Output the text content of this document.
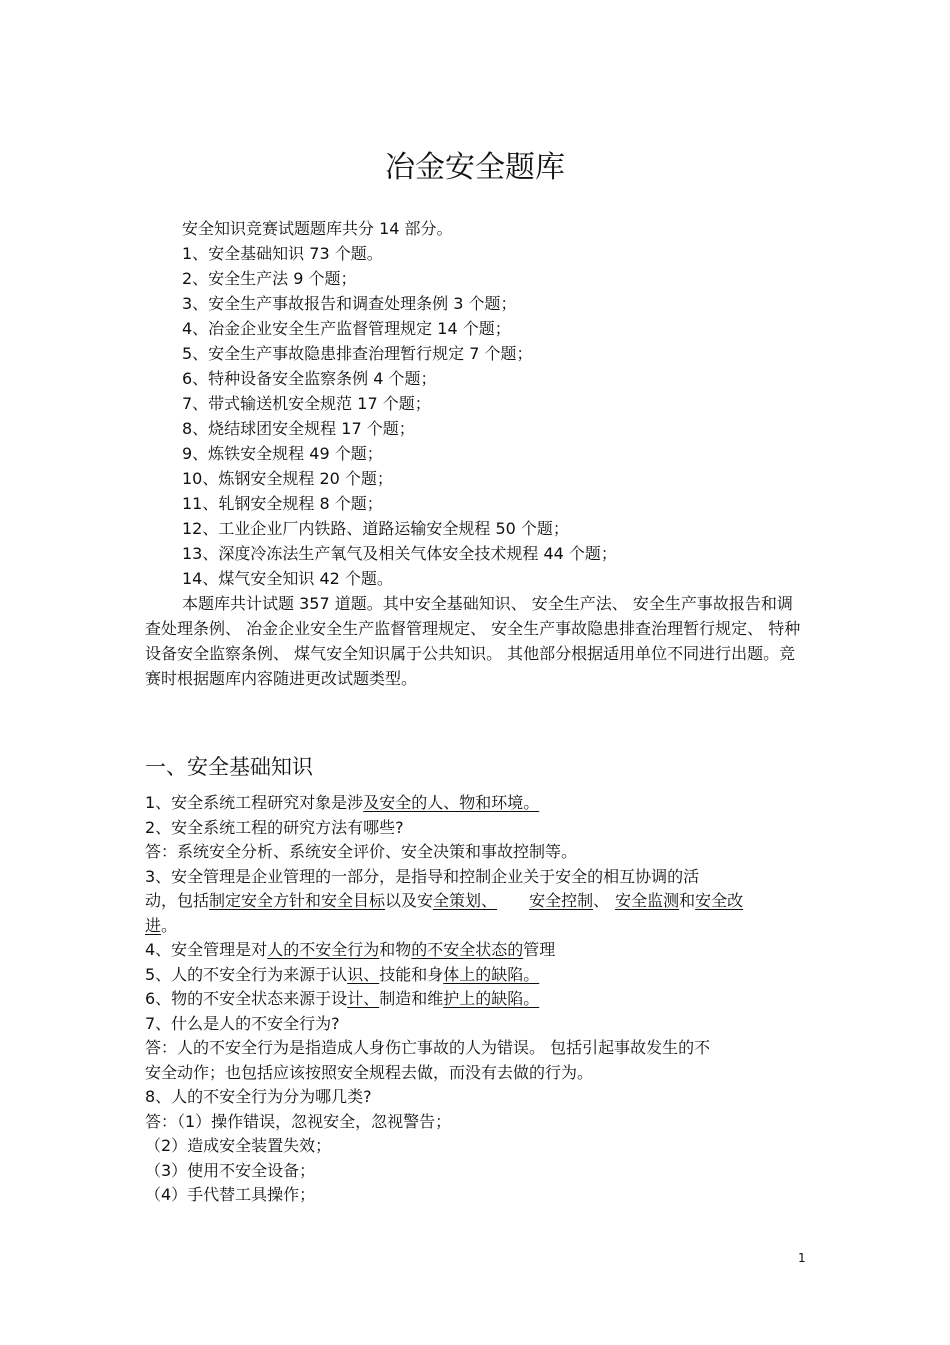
冶金安全题库
安全知识竞赛试题题库共分 14 部分。
1、安全基础知识 73 个题。
2、安全生产法 9 个题；
3、安全生产事故报告和调查处理条例 3 个题；
4、冶金企业安全生产监督管理规定 14 个题；
5、安全生产事故隐患排查治理暂行规定 7 个题；
6、特种设备安全监察条例 4 个题；
7、带式输送机安全规范 17 个题；
8、烧结球团安全规程 17 个题；
9、炼铁安全规程 49 个题；
10、炼钢安全规程 20 个题；
11、轧钢安全规程 8 个题；
12、工业企业厂内铁路、道路运输安全规程 50 个题；
13、深度冷冻法生产氧气及相关气体安全技术规程 44 个题；
14、煤气安全知识 42 个题。

本题库共计试题 357 道题。其中安全基础知识、 安全生产法、 安全生产事故报告和调查处理条例、 冶金企业安全生产监督管理规定、 安全生产事故隐患排查治理暂行规定、 特种设备安全监察条例、 煤气安全知识属于公共知识。 其他部分根据适用单位不同进行出题。竞赛时根据题库内容随进更改试题类型。

一、安全基础知识
1、安全系统工程研究对象是涉及安全的人、物和环境。
2、安全系统工程的研究方法有哪些?
答：系统安全分析、系统安全评价、安全决策和事故控制等。
3、安全管理是企业管理的一部分，是指导和控制企业关于安全的相互协调的活
动，包括制定安全方针和安全目标以及安全策划、 安全控制、 安全监测和安全改
进。
4、安全管理是对人的不安全行为和物的不安全状态的管理
5、人的不安全行为来源于认识、技能和身体上的缺陷。
6、物的不安全状态来源于设计、制造和维护上的缺陷。
7、什么是人的不安全行为?
答：人的不安全行为是指造成人身伤亡事故的人为错误。 包括引起事故发生的不
安全动作；也包括应该按照安全规程去做，而没有去做的行为。
8、人的不安全行为分为哪几类?
答：（1）操作错误，忽视安全，忽视警告；
（2）造成安全装置失效；
（3）使用不安全设备；
（4）手代替工具操作；
1
